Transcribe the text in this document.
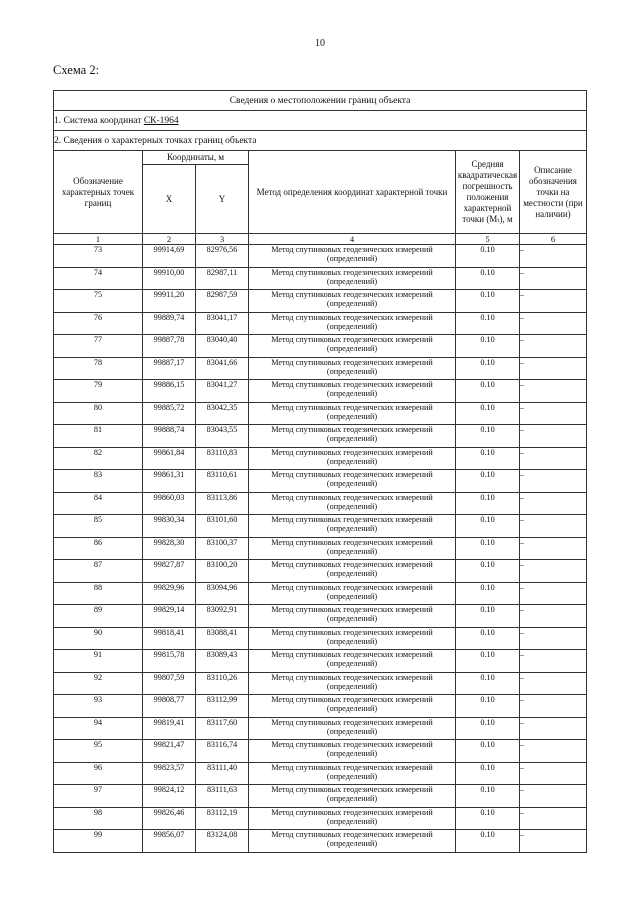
10
Схема 2:
Сведения о местоположении границ объекта					
1. Система координат СК-1964					
2. Сведения о характерных точках границ объекта					
Обозначение характерных точек границ	Координаты, м		Метод определения координат характерной точки	Средняя квадратическая погрешность положения характерной точки (Mₜ), м	Описание обозначения точки на местности (при наличии)
	X	Y			
1	2	3	4	5	6
73	99914,69	82976,56	Метод спутниковых геодезических измерений (определений)	0.10	–
74	99910,00	82987,11	Метод спутниковых геодезических измерений (определений)	0.10	–
75	99911,20	82987,59	Метод спутниковых геодезических измерений (определений)	0.10	–
76	99889,74	83041,17	Метод спутниковых геодезических измерений (определений)	0.10	–
77	99887,78	83040,40	Метод спутниковых геодезических измерений (определений)	0.10	–
78	99887,17	83041,66	Метод спутниковых геодезических измерений (определений)	0.10	–
79	99886,15	83041,27	Метод спутниковых геодезических измерений (определений)	0.10	–
80	99885,72	83042,35	Метод спутниковых геодезических измерений (определений)	0.10	–
81	99888,74	83043,55	Метод спутниковых геодезических измерений (определений)	0.10	–
82	99861,84	83110,83	Метод спутниковых геодезических измерений (определений)	0.10	–
83	99861,31	83110,61	Метод спутниковых геодезических измерений (определений)	0.10	–
84	99860,03	83113,86	Метод спутниковых геодезических измерений (определений)	0.10	–
85	99830,34	83101,60	Метод спутниковых геодезических измерений (определений)	0.10	–
86	99828,30	83100,37	Метод спутниковых геодезических измерений (определений)	0.10	–
87	99827,87	83100,20	Метод спутниковых геодезических измерений (определений)	0.10	–
88	99829,96	83094,96	Метод спутниковых геодезических измерений (определений)	0.10	–
89	99829,14	83092,91	Метод спутниковых геодезических измерений (определений)	0.10	–
90	99818,41	83088,41	Метод спутниковых геодезических измерений (определений)	0.10	–
91	99815,78	83089,43	Метод спутниковых геодезических измерений (определений)	0.10	–
92	99807,59	83110,26	Метод спутниковых геодезических измерений (определений)	0.10	–
93	99808,77	83112,99	Метод спутниковых геодезических измерений (определений)	0.10	–
94	99819,41	83117,60	Метод спутниковых геодезических измерений (определений)	0.10	–
95	99821,47	83116,74	Метод спутниковых геодезических измерений (определений)	0.10	–
96	99823,57	83111,40	Метод спутниковых геодезических измерений (определений)	0.10	–
97	99824,12	83111,63	Метод спутниковых геодезических измерений (определений)	0.10	–
98	99826,46	83112,19	Метод спутниковых геодезических измерений (определений)	0.10	–
99	99856,07	83124,08	Метод спутниковых геодезических измерений (определений)	0.10	–
